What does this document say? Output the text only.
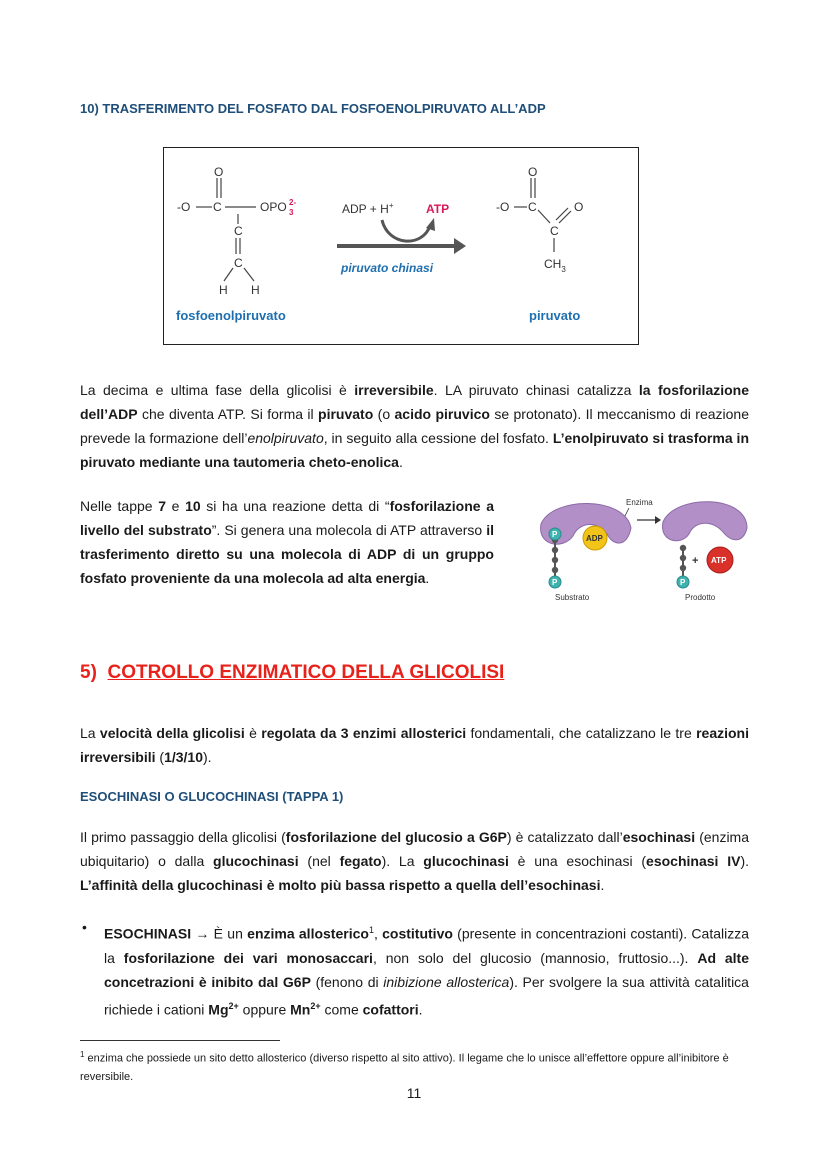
10) TRASFERIMENTO DEL FOSFATO DAL FOSFOENOLPIRUVATO ALL’ADP
O
-O C
C
C
H H
OPO 3
2-
fosfoenolpiruvato
ADP + H+	ATP
piruvato chinasi
O
-O C
C
O
$CH_3$
piruvato

La decima e ultima fase della glicolisi è irreversibile. LA piruvato chinasi catalizza la fosforilazione dell’ADP che diventa ATP. Si forma il piruvato (o acido piruvico se protonato). Il meccanismo di reazione prevede la formazione dell’enolpiruvato, in seguito alla cessione del fosfato. L’enolpiruvato si trasforma in piruvato mediante una tautomeria cheto-enolica.

Nelle tappe 7 e 10 si ha una reazione detta di “fosforilazione a livello del substrato”. Si genera una molecola di ATP attraverso il trasferimento diretto su una molecola di ADP di un gruppo fosfato proveniente da una molecola ad alta energia.

P
P
ADP
Substrato
Enzima
P
+ ATP
Prodotto
5) COTROLLO ENZIMATICO DELLA GLICOLISI

La velocità della glicolisi è regolata da 3 enzimi allosterici fondamentali, che catalizzano le tre reazioni irreversibili (1/3/10).

ESOCHINASI O GLUCOCHINASI (TAPPA 1)

Il primo passaggio della glicolisi (fosforilazione del glucosio a G6P) è catalizzato dall’esochinasi (enzima ubiquitario) o dalla glucochinasi (nel fegato). La glucochinasi è una esochinasi (esochinasi IV). L’affinità della glucochinasi è molto più bassa rispetto a quella dell’esochinasi.

• ESOCHINASI → È un enzima allosterico$^1$, costitutivo (presente in concentrazioni costanti). Catalizza la fosforilazione dei vari monosaccari, non solo del glucosio (mannosio, fruttosio...). Ad alte concetrazioni è inibito dal G6P (fenono di inibizione allosterica). Per svolgere la sua attività catalitica richiede i cationi $Mg^{2+}$ oppure $Mn^{2+}$ come cofattori.

$^1$ enzima che possiede un sito detto allosterico (diverso rispetto al sito attivo). Il legame che lo unisce all’effettore oppure all’inibitore è reversibile.

11
